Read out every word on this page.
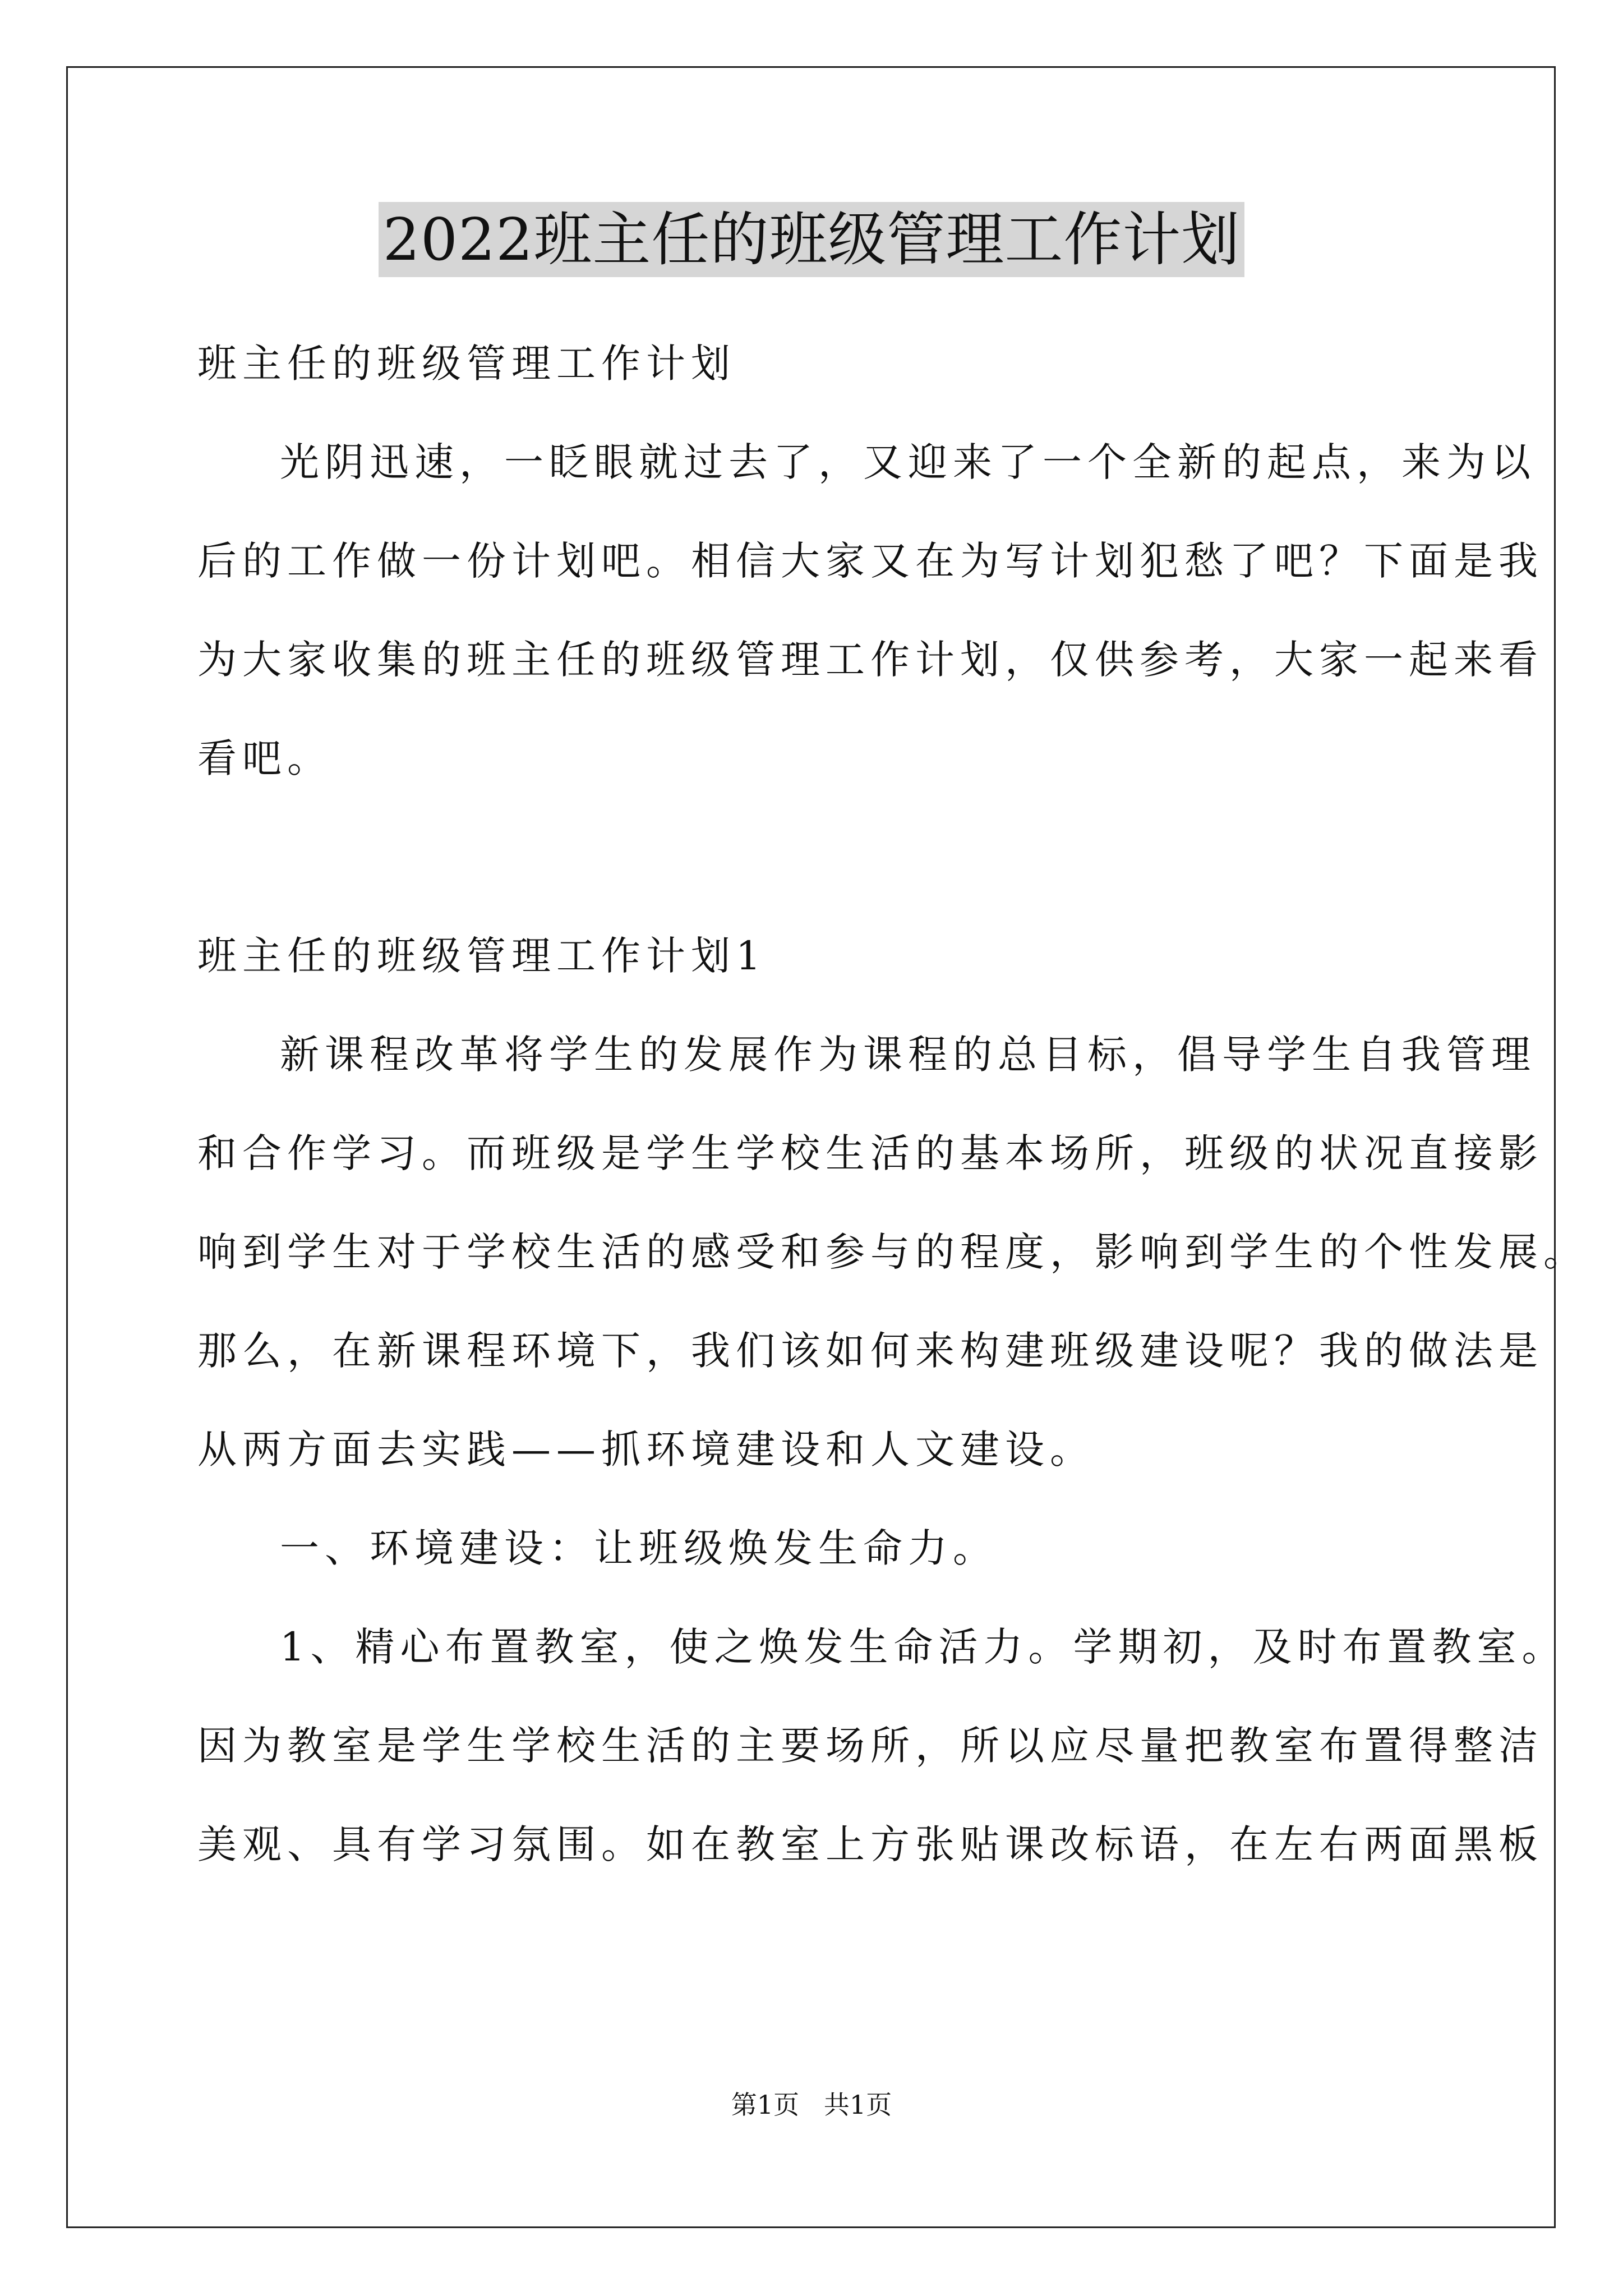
2022班主任的班级管理工作计划
班主任的班级管理工作计划
光阴迅速，一眨眼就过去了，又迎来了一个全新的起点，来为以
后的工作做一份计划吧。相信大家又在为写计划犯愁了吧？下面是我
为大家收集的班主任的班级管理工作计划，仅供参考，大家一起来看
看吧。
班主任的班级管理工作计划1
新课程改革将学生的发展作为课程的总目标，倡导学生自我管理
和合作学习。而班级是学生学校生活的基本场所，班级的状况直接影
响到学生对于学校生活的感受和参与的程度，影响到学生的个性发展。
那么，在新课程环境下，我们该如何来构建班级建设呢？我的做法是
从两方面去实践——抓环境建设和人文建设。
一、环境建设：让班级焕发生命力。
1、精心布置教室，使之焕发生命活力。学期初，及时布置教室。
因为教室是学生学校生活的主要场所，所以应尽量把教室布置得整洁
美观、具有学习氛围。如在教室上方张贴课改标语，在左右两面黑板
第1页   共1页
